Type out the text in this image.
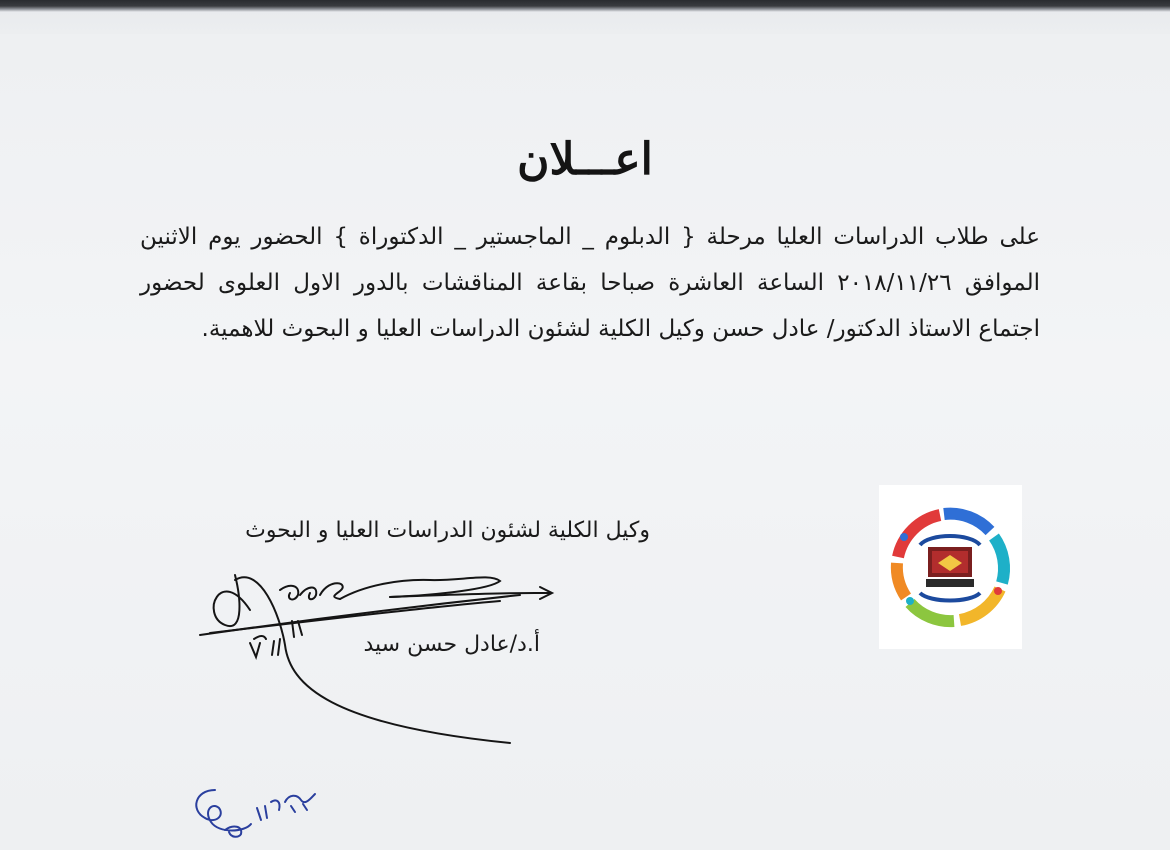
اعـــلان

على طلاب الدراسات العليا مرحلة { الدبلوم _ الماجستير _ الدكتوراة } الحضور يوم الاثنين الموافق ٢٠١٨/١١/٢٦ الساعة العاشرة صباحا بقاعة المناقشات بالدور الاول العلوى لحضور اجتماع الاستاذ الدكتور/ عادل حسن وكيل الكلية لشئون الدراسات العليا و البحوث للاهمية.

وكيل الكلية لشئون الدراسات العليا و البحوث
أ.د/عادل حسن سيد
